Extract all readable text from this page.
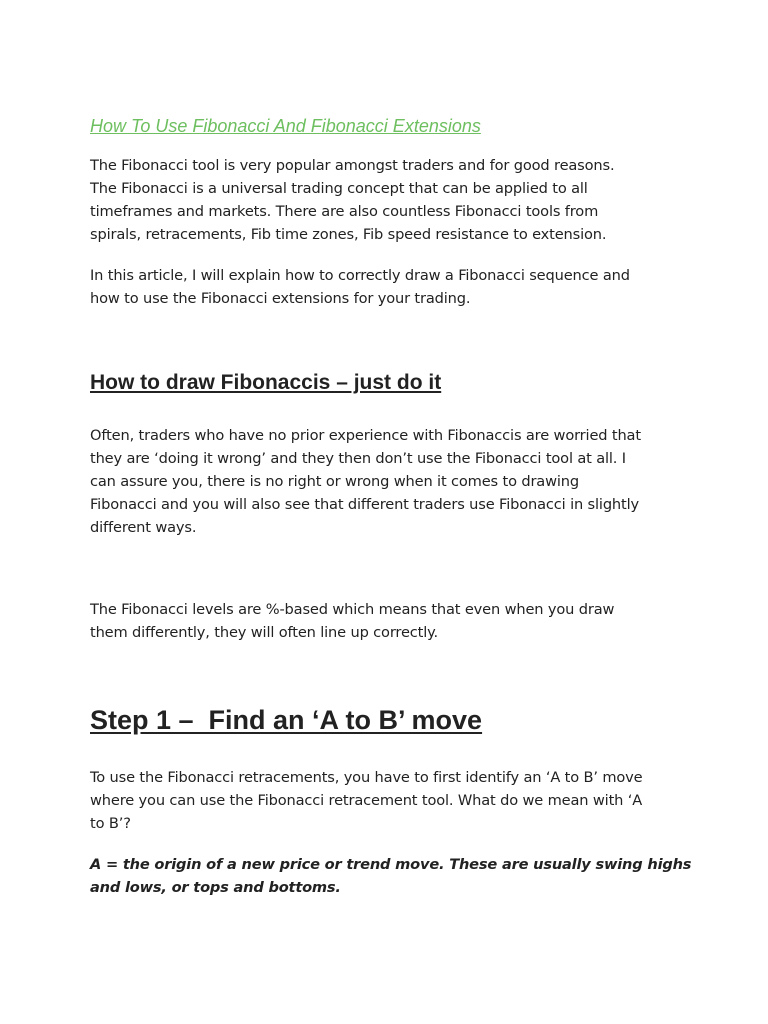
How To Use Fibonacci And Fibonacci Extensions

The Fibonacci tool is very popular amongst traders and for good reasons.
The Fibonacci is a universal trading concept that can be applied to all
timeframes and markets. There are also countless Fibonacci tools from
spirals, retracements, Fib time zones, Fib speed resistance to extension.

In this article, I will explain how to correctly draw a Fibonacci sequence and
how to use the Fibonacci extensions for your trading.

How to draw Fibonaccis – just do it

Often, traders who have no prior experience with Fibonaccis are worried that
they are ‘doing it wrong’ and they then don’t use the Fibonacci tool at all. I
can assure you, there is no right or wrong when it comes to drawing
Fibonacci and you will also see that different traders use Fibonacci in slightly
different ways.

The Fibonacci levels are %-based which means that even when you draw
them differently, they will often line up correctly.

Step 1 –  Find an ‘A to B’ move

To use the Fibonacci retracements, you have to first identify an ‘A to B’ move
where you can use the Fibonacci retracement tool. What do we mean with ‘A
to B’?

A = the origin of a new price or trend move. These are usually swing highs
and lows, or tops and bottoms.
